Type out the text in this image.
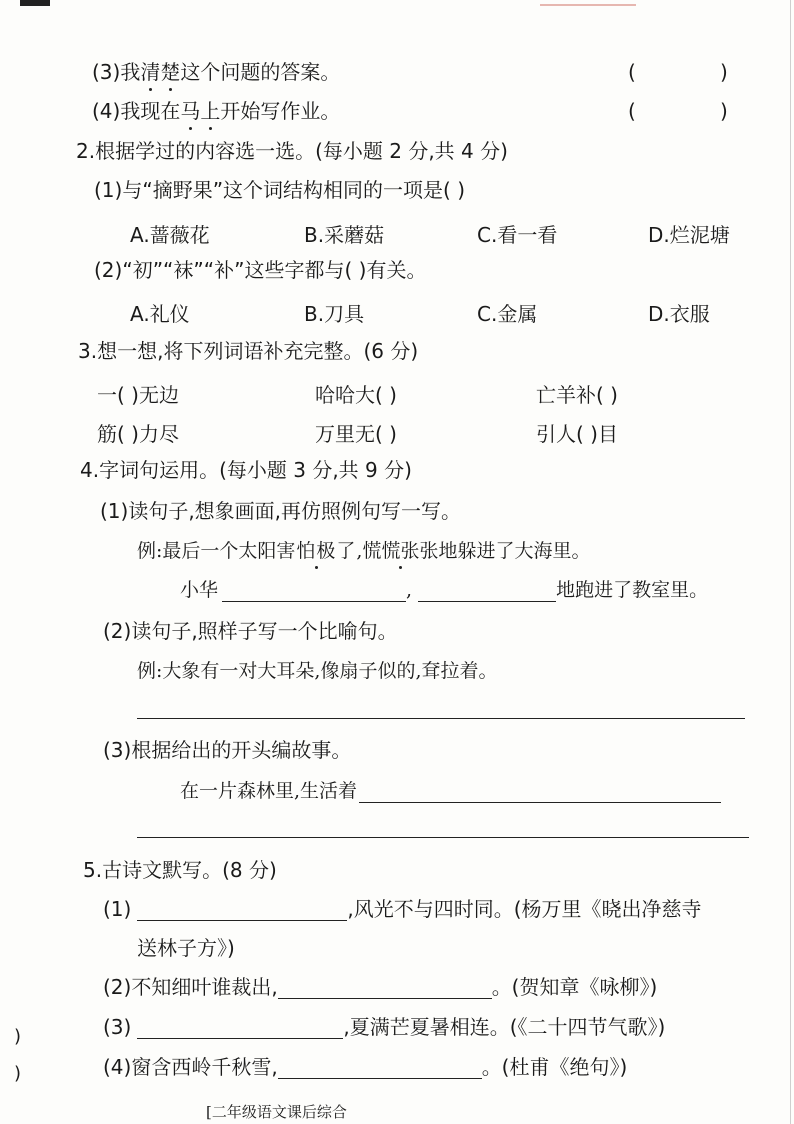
(3)我清楚这个问题的答案。	(	)
(4)我现在马上开始写作业。	(	)
2.根据学过的内容选一选。(每小题 2 分,共 4 分)
(1)与“摘野果”这个词结构相同的一项是( )
A.蔷薇花	B.采蘑菇	C.看一看	D.烂泥塘
(2)“初”“袜”“补”这些字都与( )有关。
A.礼仪	B.刀具	C.金属	D.衣服
3.想一想,将下列词语补充完整。(6 分)
一( )无边	哈哈大( )	亡羊补( )
筋( )力尽	万里无( )	引人( )目
4.字词句运用。(每小题 3 分,共 9 分)
(1)读句子,想象画面,再仿照例句写一写。
例:最后一个太阳害怕极了,慌慌张张地躲进了大海里。
小华	,	地跑进了教室里。
(2)读句子,照样子写一个比喻句。
例:大象有一对大耳朵,像扇子似的,耷拉着。
(3)根据给出的开头编故事。
在一片森林里,生活着
5.古诗文默写。(8 分)
(1)	,风光不与四时同。(杨万里《晓出净慈寺
送林子方》)
(2)不知细叶谁裁出,	。(贺知章《咏柳》)
(3)	,夏满芒夏暑相连。(《二十四节气歌》)
(4)窗含西岭千秋雪,	。(杜甫《绝句》)
)
)
[二年级语文课后综合
